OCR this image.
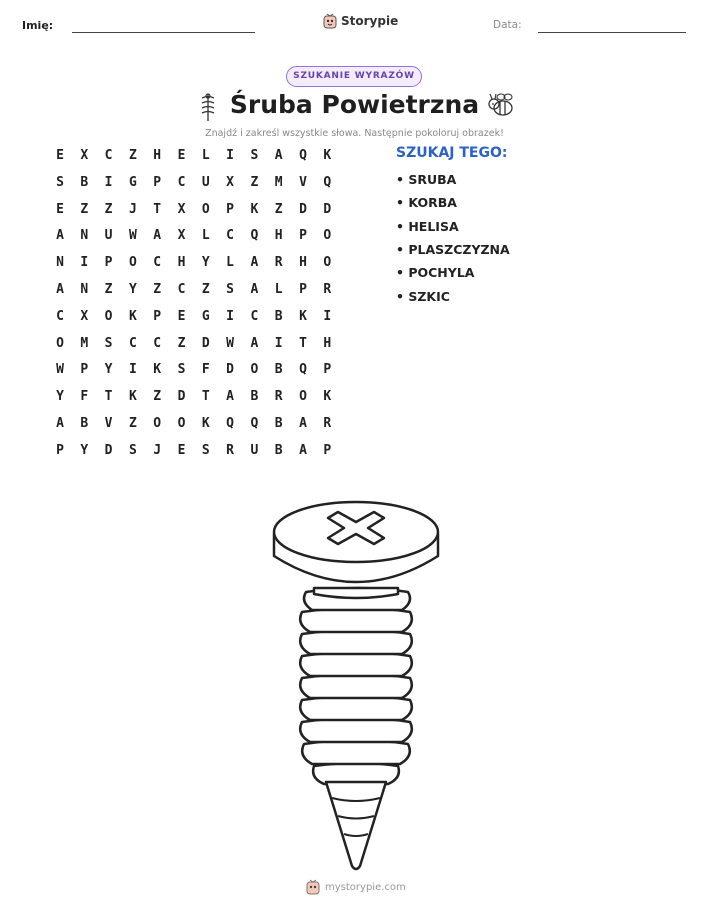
Imię:	Storypie	Data:
SZUKANIE WYRAZÓW
Śruba Powietrzna
Znajdź i zakreśl wszystkie słowa. Następnie pokoloruj obrazek!
E	X	C	Z	H	E	L	I	S	A	Q	K
S	B	I	G	P	C	U	X	Z	M	V	Q
E	Z	Z	J	T	X	O	P	K	Z	D	D
A	N	U	W	A	X	L	C	Q	H	P	O
N	I	P	O	C	H	Y	L	A	R	H	O
A	N	Z	Y	Z	C	Z	S	A	L	P	R
C	X	O	K	P	E	G	I	C	B	K	I
O	M	S	C	C	Z	D	W	A	I	T	H
W	P	Y	I	K	S	F	D	O	B	Q	P
Y	F	T	K	Z	D	T	A	B	R	O	K
A	B	V	Z	O	O	K	Q	Q	B	A	R
P	Y	D	S	J	E	S	R	U	B	A	P
SZUKAJ TEGO:
• SRUBA
• KORBA
• HELISA
• PLASZCZYZNA
• POCHYLA
• SZKIC
mystorypie.com
